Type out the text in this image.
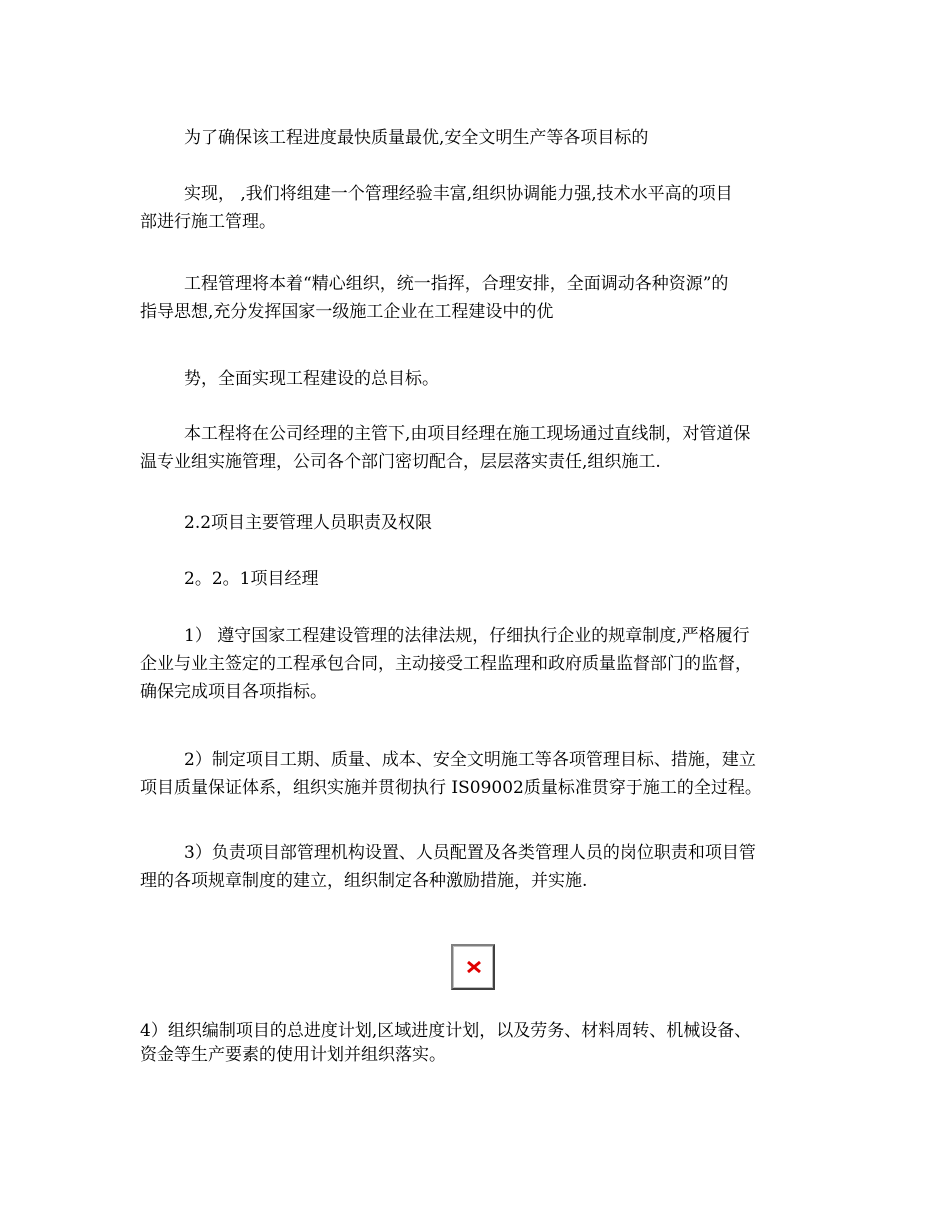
为了确保该工程进度最快质量最优,安全文明生产等各项目标的

实现， ,我们将组建一个管理经验丰富,组织协调能力强,技术水平高的项目
部进行施工管理。

工程管理将本着“精心组织，统一指挥，合理安排，全面调动各种资源”的
指导思想,充分发挥国家一级施工企业在工程建设中的优

势，全面实现工程建设的总目标。

本工程将在公司经理的主管下,由项目经理在施工现场通过直线制，对管道保
温专业组实施管理，公司各个部门密切配合，层层落实责任,组织施工.

2.2项目主要管理人员职责及权限

2。2。1项目经理

1） 遵守国家工程建设管理的法律法规，仔细执行企业的规章制度,严格履行
企业与业主签定的工程承包合同，主动接受工程监理和政府质量监督部门的监督，
确保完成项目各项指标。

2）制定项目工期、质量、成本、安全文明施工等各项管理目标、措施，建立
项目质量保证体系，组织实施并贯彻执行 IS09002质量标准贯穿于施工的全过程。

3）负责项目部管理机构设置、人员配置及各类管理人员的岗位职责和项目管
理的各项规章制度的建立，组织制定各种激励措施，并实施.

4）组织编制项目的总进度计划,区域进度计划，以及劳务、材料周转、机械设备、
资金等生产要素的使用计划并组织落实。
